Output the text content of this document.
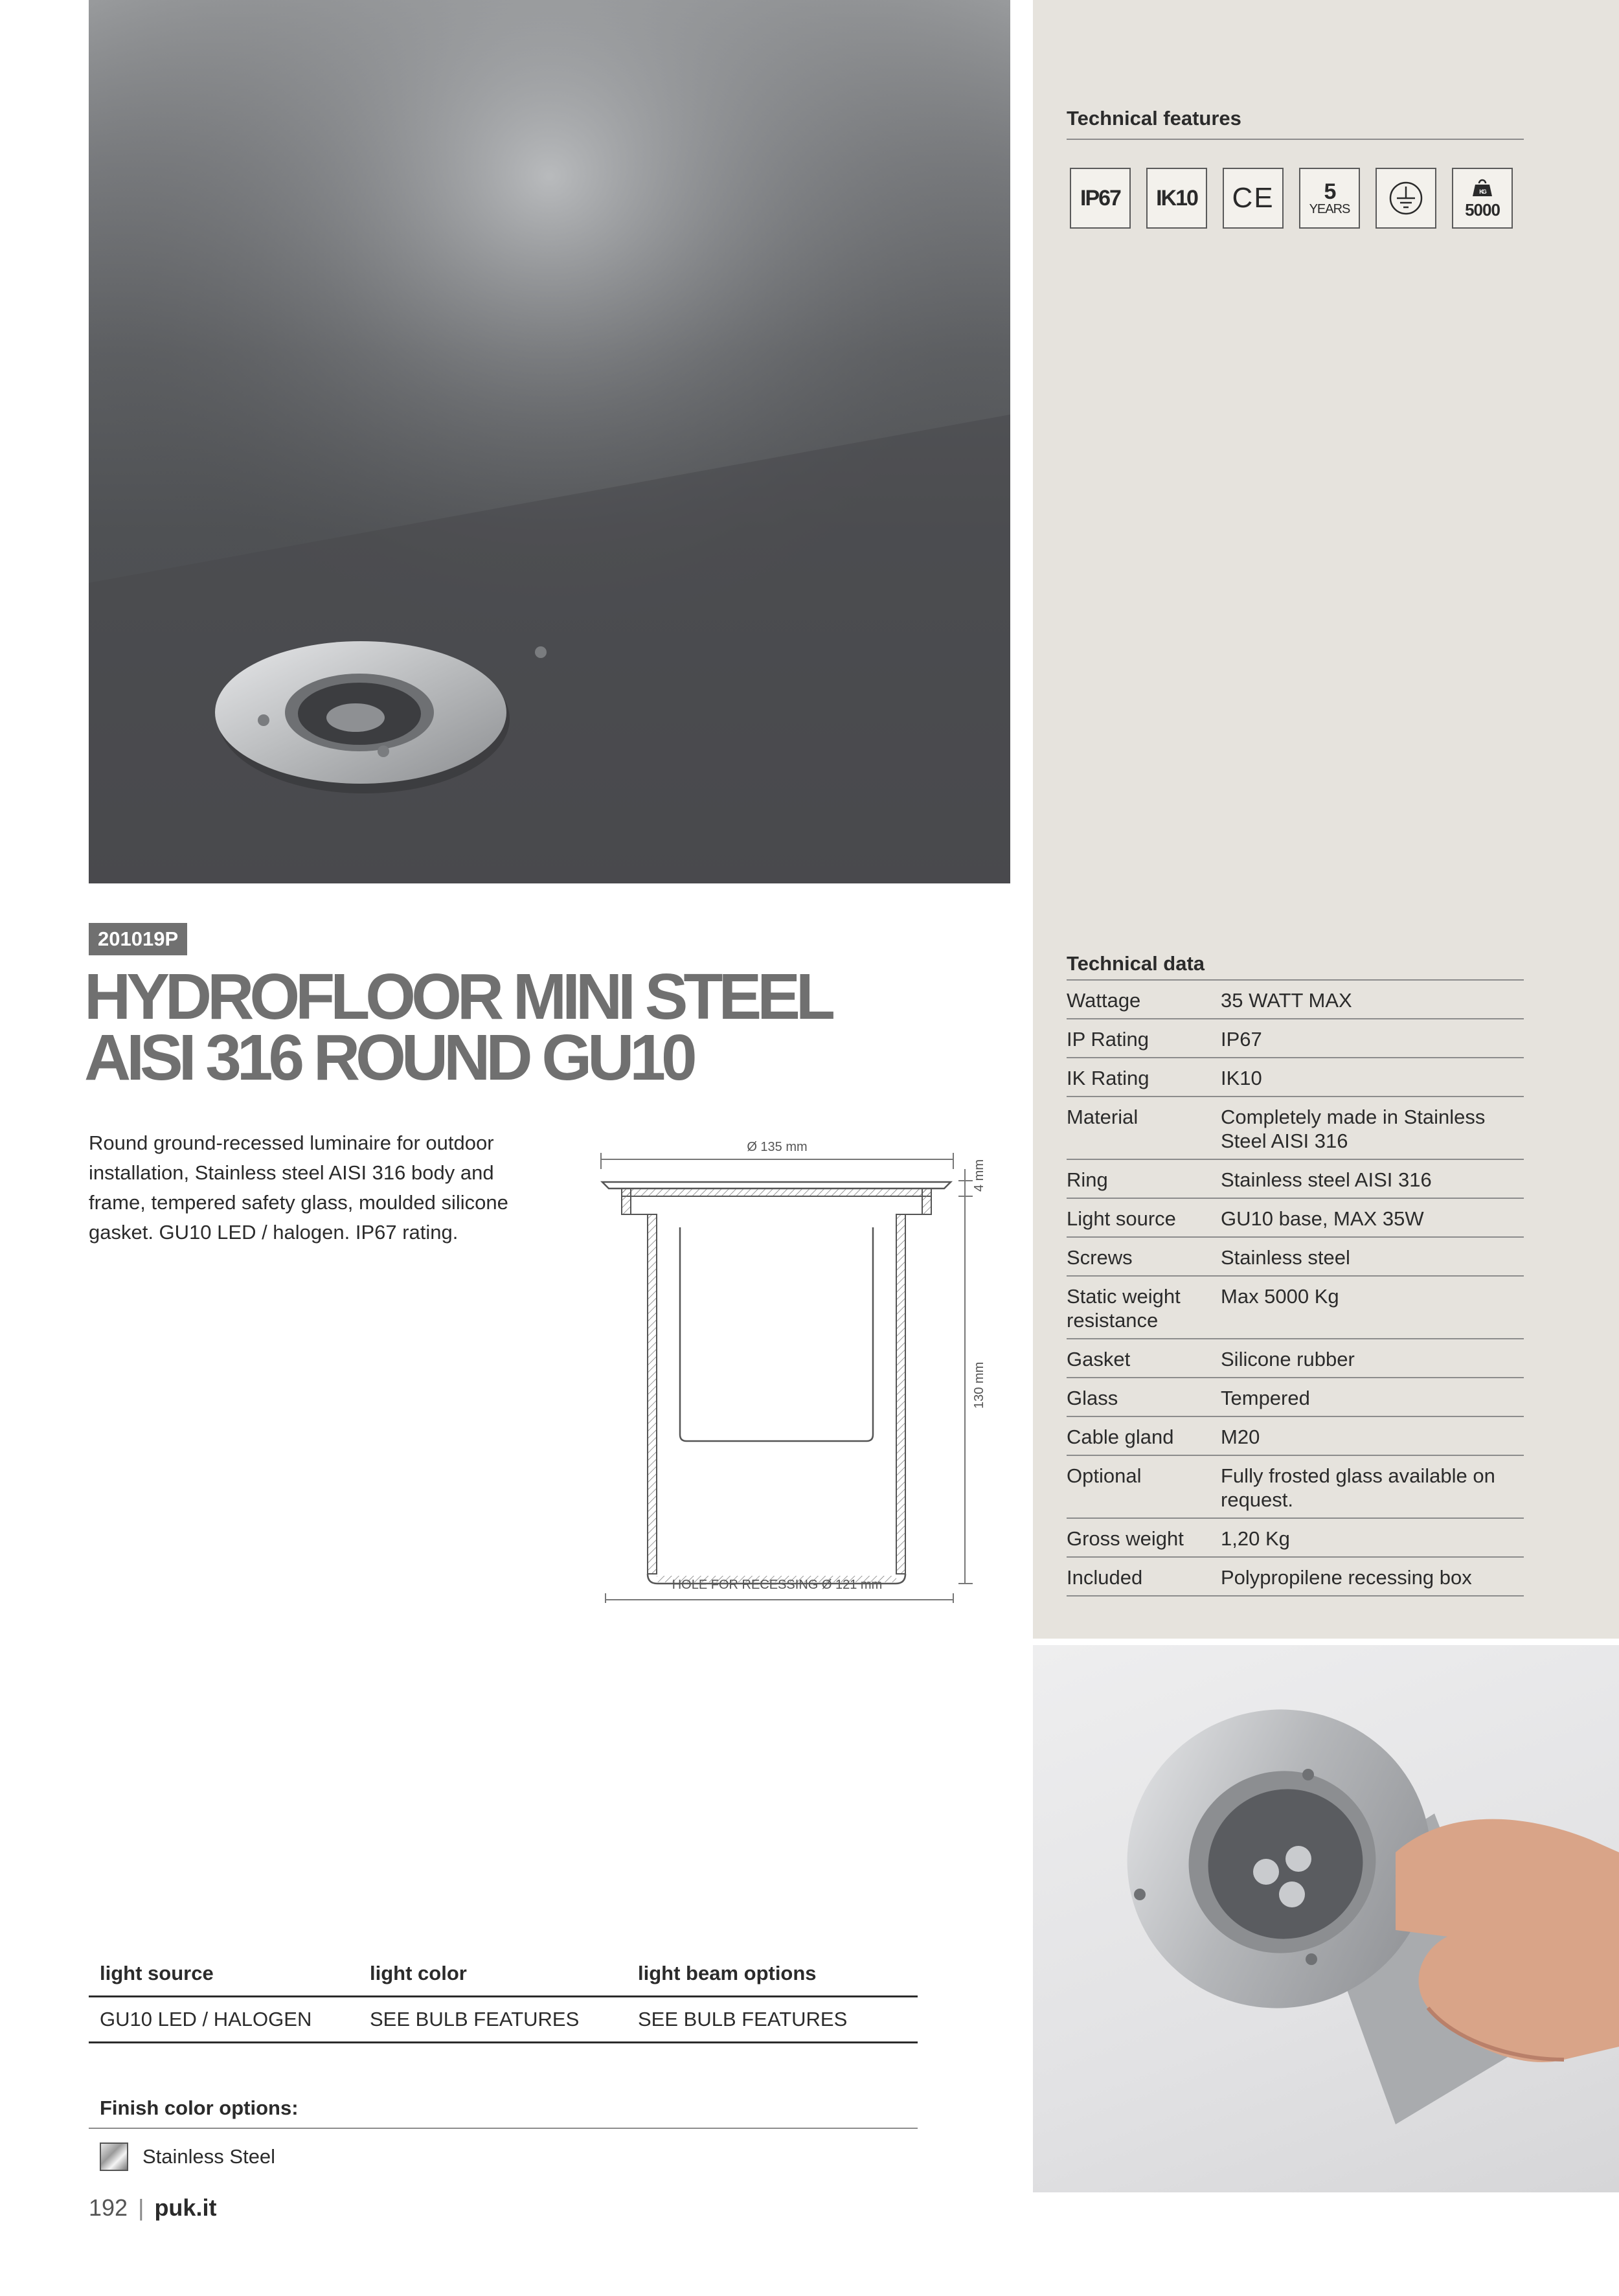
Technical features
IP67 IK10 CE 5
YEARS
KG
5000
Technical data
Wattage	35 WATT MAX
IP Rating	IP67
IK Rating	IK10
Material	Completely made in Stainless Steel AISI 316
Ring	Stainless steel AISI 316
Light source	GU10 base, MAX 35W
Screws	Stainless steel
Static weight resistance	Max 5000 Kg
Gasket	Silicone rubber
Glass	Tempered
Cable gland	M20
Optional	Fully frosted glass available on request.
Gross weight	1,20 Kg
Included	Polypropilene recessing box
201019P
HYDROFLOOR MINI STEEL
AISI 316 ROUND GU10
Round ground-recessed luminaire for outdoor installation, Stainless steel AISI 316 body and frame, tempered safety glass, moulded silicone gasket. GU10 LED / halogen. IP67 rating.
Ø 135 mm
4 mm
130 mm
HOLE FOR RECESSING Ø 121 mm
light source	light color	light beam options
GU10 LED / HALOGEN	SEE BULB FEATURES	SEE BULB FEATURES
Finish color options:
Stainless Steel
192 | puk.it
